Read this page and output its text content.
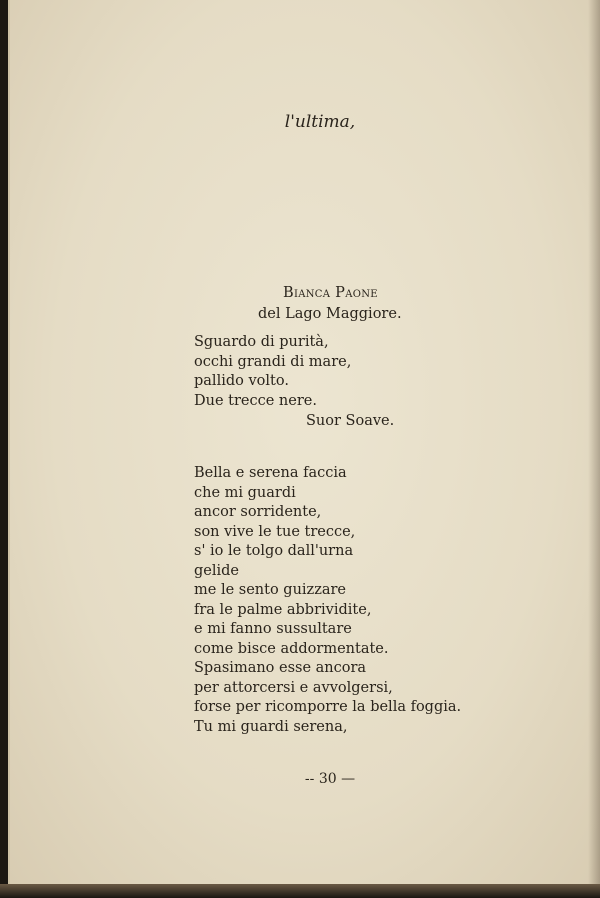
l'ultima,
Bianca Paone
del Lago Maggiore.
Sguardo di purità,
occhi grandi di mare,
pallido volto.
Due trecce nere.
Suor Soave.
Bella e serena faccia
che mi guardi
ancor sorridente,
son vive le tue trecce,
s' io le tolgo dall'urna
gelide
me le sento guizzare
fra le palme abbrividite,
e mi fanno sussultare
come bisce addormentate.
Spasimano esse ancora
per attorcersi e avvolgersi,
forse per ricomporre la bella foggia.
Tu mi guardi serena,
-- 30 —
